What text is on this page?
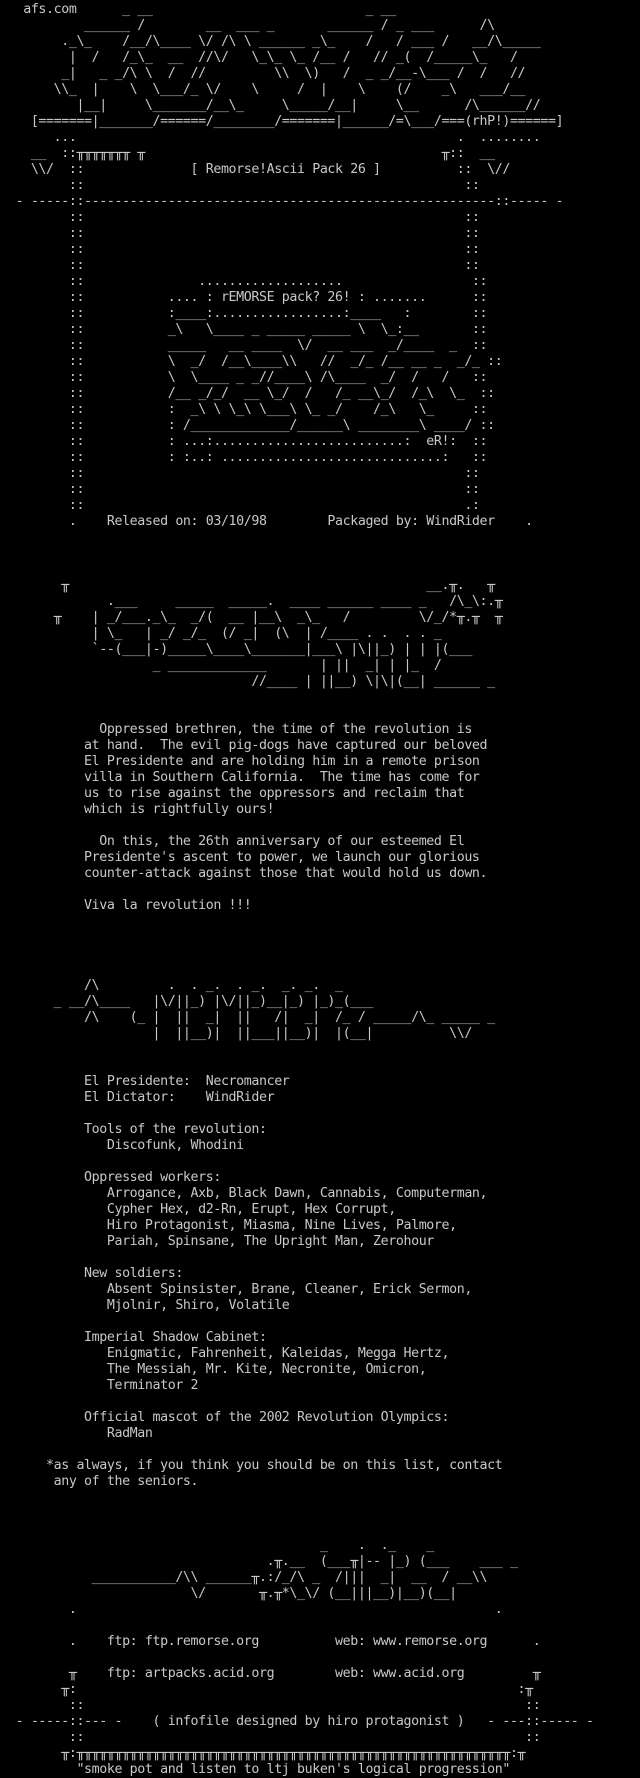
afs.com      _ __                            _ __
______ /        __  ___ _       ______ / _ ___      /\
._\_    /__/\____ \/ /\ \ ______ _\_    /   / ___ /   __/\_____
|  /   /_\_  __  //\/   \_\_ \_ /__ /   // _(  /_____\_   /
_|   _ _/\ \  /  //         \\  \)   /  _ _/__-\___ /  /   //
\\_  |    \  \___/_ \/    \     /  |    \    (/    _\   ___/__
|__|     \_______/__\_     \_____/__|     \__      /\______//
[=======|_______/======/________/=======|______/=\___/===(rhP!)======]
...                                                  .  ........
__  ::╥╥╥╥╥╥╥ ╥                                       ╥::  __
\\/  ::              [ Remorse!Ascii Pack 26 ]          ::  \//
::                                                  ::
- -----::------------------------------------------------------::----- -
::                                                  ::
::                                                  ::
::                                                  ::
::                                                  ::
::               ...................                 ::
::           .... : rEMORSE pack? 26! : .......      ::
::           :____:.................:____   :        ::
::           _\   \____ _ _____ _____ \  \_:__       ::
::           _____   __ ____  \/  __ ___  _/____  _  ::
::           \  _/  /__\____\\   //  _/_ /__ __ _  _/_ ::
::           \  \____ _ _//____\ /\____  _/  /   /   ::
::           /__ _/_/  __ \_/  /   /_ __\_/  /_\  \_  ::
::           :  _\ \ \_\ \___\ \_ _/    /_\   \_     ::
::           : /_____________/______\ ________\ ____/ ::
::           : ...:.........................:  eR!:  ::
::           : :..: .............................:   ::
::                                                  ::
::                                                  ::
::                                                  .:
.    Released on: 03/10/98        Packaged by: WindRider    .

╥                                               __.╥.   ╥
.___     _____  _____.  ____ ______ ____ _   /\_\:.╥
╥    | _/___._\_  _/(  __ |__\  _\_   /         \/_/*╥.╥  ╥
| \_   | _/ _/_  (/ _|  (\  | /____ . .  . . _
`--(___|-)_____\____\_______|___\ |\||_) | | |(___
_ _____________       | ||  _| | |_  /
//____ | ||__) \|\|(__| ______ _

Oppressed brethren, the time of the revolution is
at hand.  The evil pig-dogs have captured our beloved
El Presidente and are holding him in a remote prison
villa in Southern California.  The time has come for
us to rise against the oppressors and reclaim that
which is rightfully ours!

On this, the 26th anniversary of our esteemed El
Presidente's ascent to power, we launch our glorious
counter-attack against those that would hold us down.

Viva la revolution !!!

/\         .  . _.  . _.  _. _.  _
_ __/\____   |\/||_) |\/||_)__|_) |_)_(___
/\    (_ |  ||  _|  ||   /|  _|  /_ / _____/\_ _____ _
|  ||__)|  ||___||__)|  |(__|          \\/

El Presidente:  Necromancer
El Dictator:    WindRider

Tools of the revolution:
Discofunk, Whodini

Oppressed workers:
Arrogance, Axb, Black Dawn, Cannabis, Computerman,
Cypher Hex, d2-Rn, Erupt, Hex Corrupt,
Hiro Protagonist, Miasma, Nine Lives, Palmore,
Pariah, Spinsane, The Upright Man, Zerohour

New soldiers:
Absent Spinsister, Brane, Cleaner, Erick Sermon,
Mjolnir, Shiro, Volatile

Imperial Shadow Cabinet:
Enigmatic, Fahrenheit, Kaleidas, Megga Hertz,
The Messiah, Mr. Kite, Necronite, Omicron,
Terminator 2

Official mascot of the 2002 Revolution Olympics:
RadMan

*as always, if you think you should be on this list, contact
any of the seniors.

_    .  ._    _
.╥.__  (___╥|-- |_) (___    ___ _
___________/\\ ______╥.:/_/\ _  /|||  _|  __  / __\\
\/       ╥.╥*\_\/ (__|||__)|__)(__|
.                                                       .

.    ftp: ftp.remorse.org          web: www.remorse.org      .

╥    ftp: artpacks.acid.org        web: www.acid.org         ╥
╥:                                                          :╥
::                                                          ::
- -----::--- -    ( infofile designed by hiro protagonist )   - ---::----- -
::                                                          ::
╥:╥╥╥╥╥╥╥╥╥╥╥╥╥╥╥╥╥╥╥╥╥╥╥╥╥╥╥╥╥╥╥╥╥╥╥╥╥╥╥╥╥╥╥╥╥╥╥╥╥╥╥╥╥╥╥╥╥:╥
"smoke pot and listen to ltj buken's logical progression"
